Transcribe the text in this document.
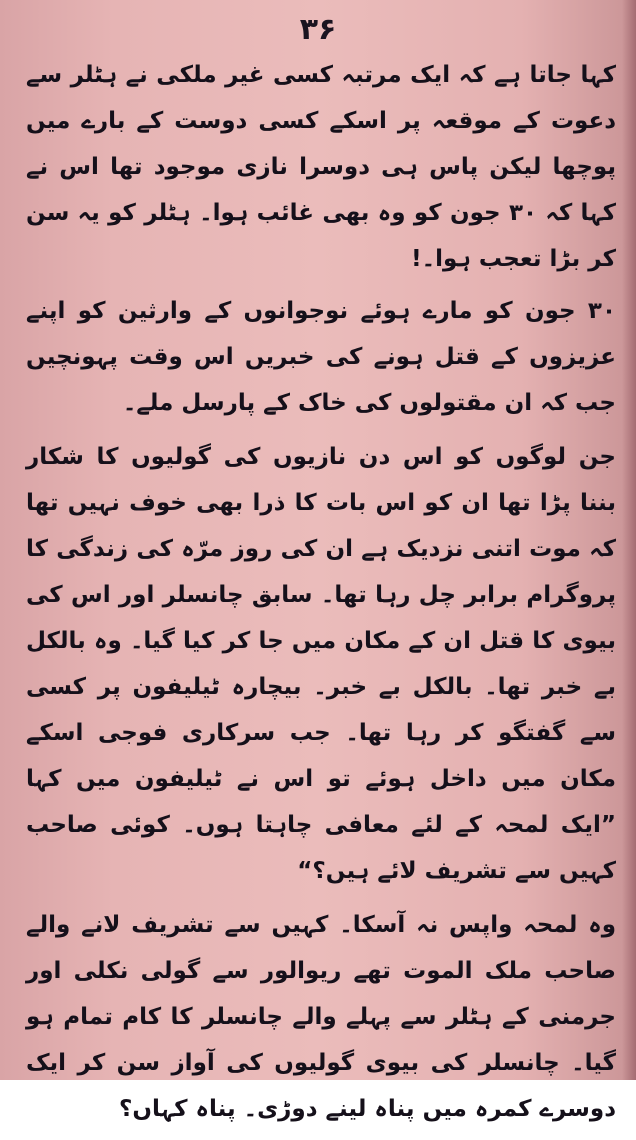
۳۶

کہا جاتا ہے کہ ایک مرتبہ کسی غیر ملکی نے ہٹلر سے دعوت کے موقعہ پر اسکے کسی دوست کے بارے میں پوچھا لیکن پاس ہی دوسرا نازی موجود تھا اس نے کہا کہ ۳۰ جون کو وہ بھی غائب ہوا۔ ہٹلر کو یہ سن کر بڑا تعجب ہوا۔!

۳۰ جون کو مارے ہوئے نوجوانوں کے وارثین کو اپنے عزیزوں کے قتل ہونے کی خبریں اس وقت پہونچیں جب کہ ان مقتولوں کی خاک کے پارسل ملے۔

جن لوگوں کو اس دن نازیوں کی گولیوں کا شکار بننا پڑا تھا ان کو اس بات کا ذرا بھی خوف نہیں تھا کہ موت اتنی نزدیک ہے ان کی روز مرّہ کی زندگی کا پروگرام برابر چل رہا تھا۔ سابق چانسلر اور اس کی بیوی کا قتل ان کے مکان میں جا کر کیا گیا۔ وہ بالکل بے خبر تھا۔ بالکل بے خبر۔ بیچارہ ٹیلیفون پر کسی سے گفتگو کر رہا تھا۔ جب سرکاری فوجی اسکے مکان میں داخل ہوئے تو اس نے ٹیلیفون میں کہا ”ایک لمحہ کے لئے معافی چاہتا ہوں۔ کوئی صاحب کہیں سے تشریف لائے ہیں؟“

وہ لمحہ واپس نہ آسکا۔ کہیں سے تشریف لانے والے صاحب ملک الموت تھے ریوالور سے گولی نکلی اور جرمنی کے ہٹلر سے پہلے والے چانسلر کا کام تمام ہو گیا۔ چانسلر کی بیوی گولیوں کی آواز سن کر ایک دوسرے کمرہ میں پناہ لینے دوڑی۔ پناہ کہاں؟
